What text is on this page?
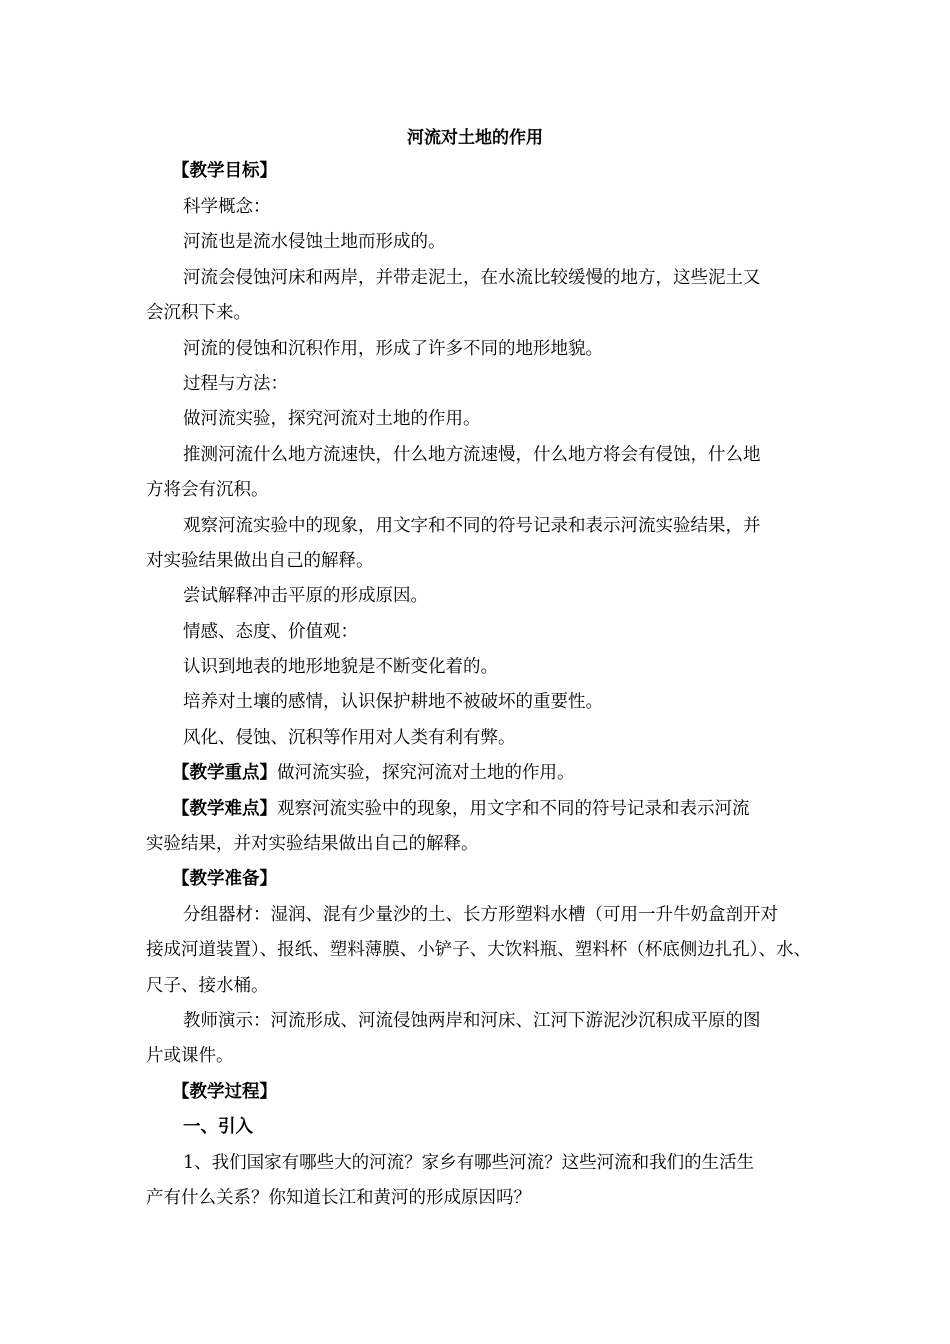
河流对土地的作用
【教学目标】
科学概念：
河流也是流水侵蚀土地而形成的。
河流会侵蚀河床和两岸，并带走泥土，在水流比较缓慢的地方，这些泥土又
会沉积下来。
河流的侵蚀和沉积作用，形成了许多不同的地形地貌。
过程与方法：
做河流实验，探究河流对土地的作用。
推测河流什么地方流速快，什么地方流速慢，什么地方将会有侵蚀，什么地
方将会有沉积。
观察河流实验中的现象，用文字和不同的符号记录和表示河流实验结果，并
对实验结果做出自己的解释。
尝试解释冲击平原的形成原因。
情感、态度、价值观：
认识到地表的地形地貌是不断变化着的。
培养对土壤的感情，认识保护耕地不被破坏的重要性。
风化、侵蚀、沉积等作用对人类有利有弊。
【教学重点】做河流实验，探究河流对土地的作用。
【教学难点】观察河流实验中的现象，用文字和不同的符号记录和表示河流
实验结果，并对实验结果做出自己的解释。
【教学准备】
分组器材：湿润、混有少量沙的土、长方形塑料水槽（可用一升牛奶盒剖开对
接成河道装置）、报纸、塑料薄膜、小铲子、大饮料瓶、塑料杯（杯底侧边扎孔）、水、
尺子、接水桶。
教师演示：河流形成、河流侵蚀两岸和河床、江河下游泥沙沉积成平原的图
片或课件。
【教学过程】
一、引入
1、我们国家有哪些大的河流？家乡有哪些河流？这些河流和我们的生活生
产有什么关系？你知道长江和黄河的形成原因吗？
